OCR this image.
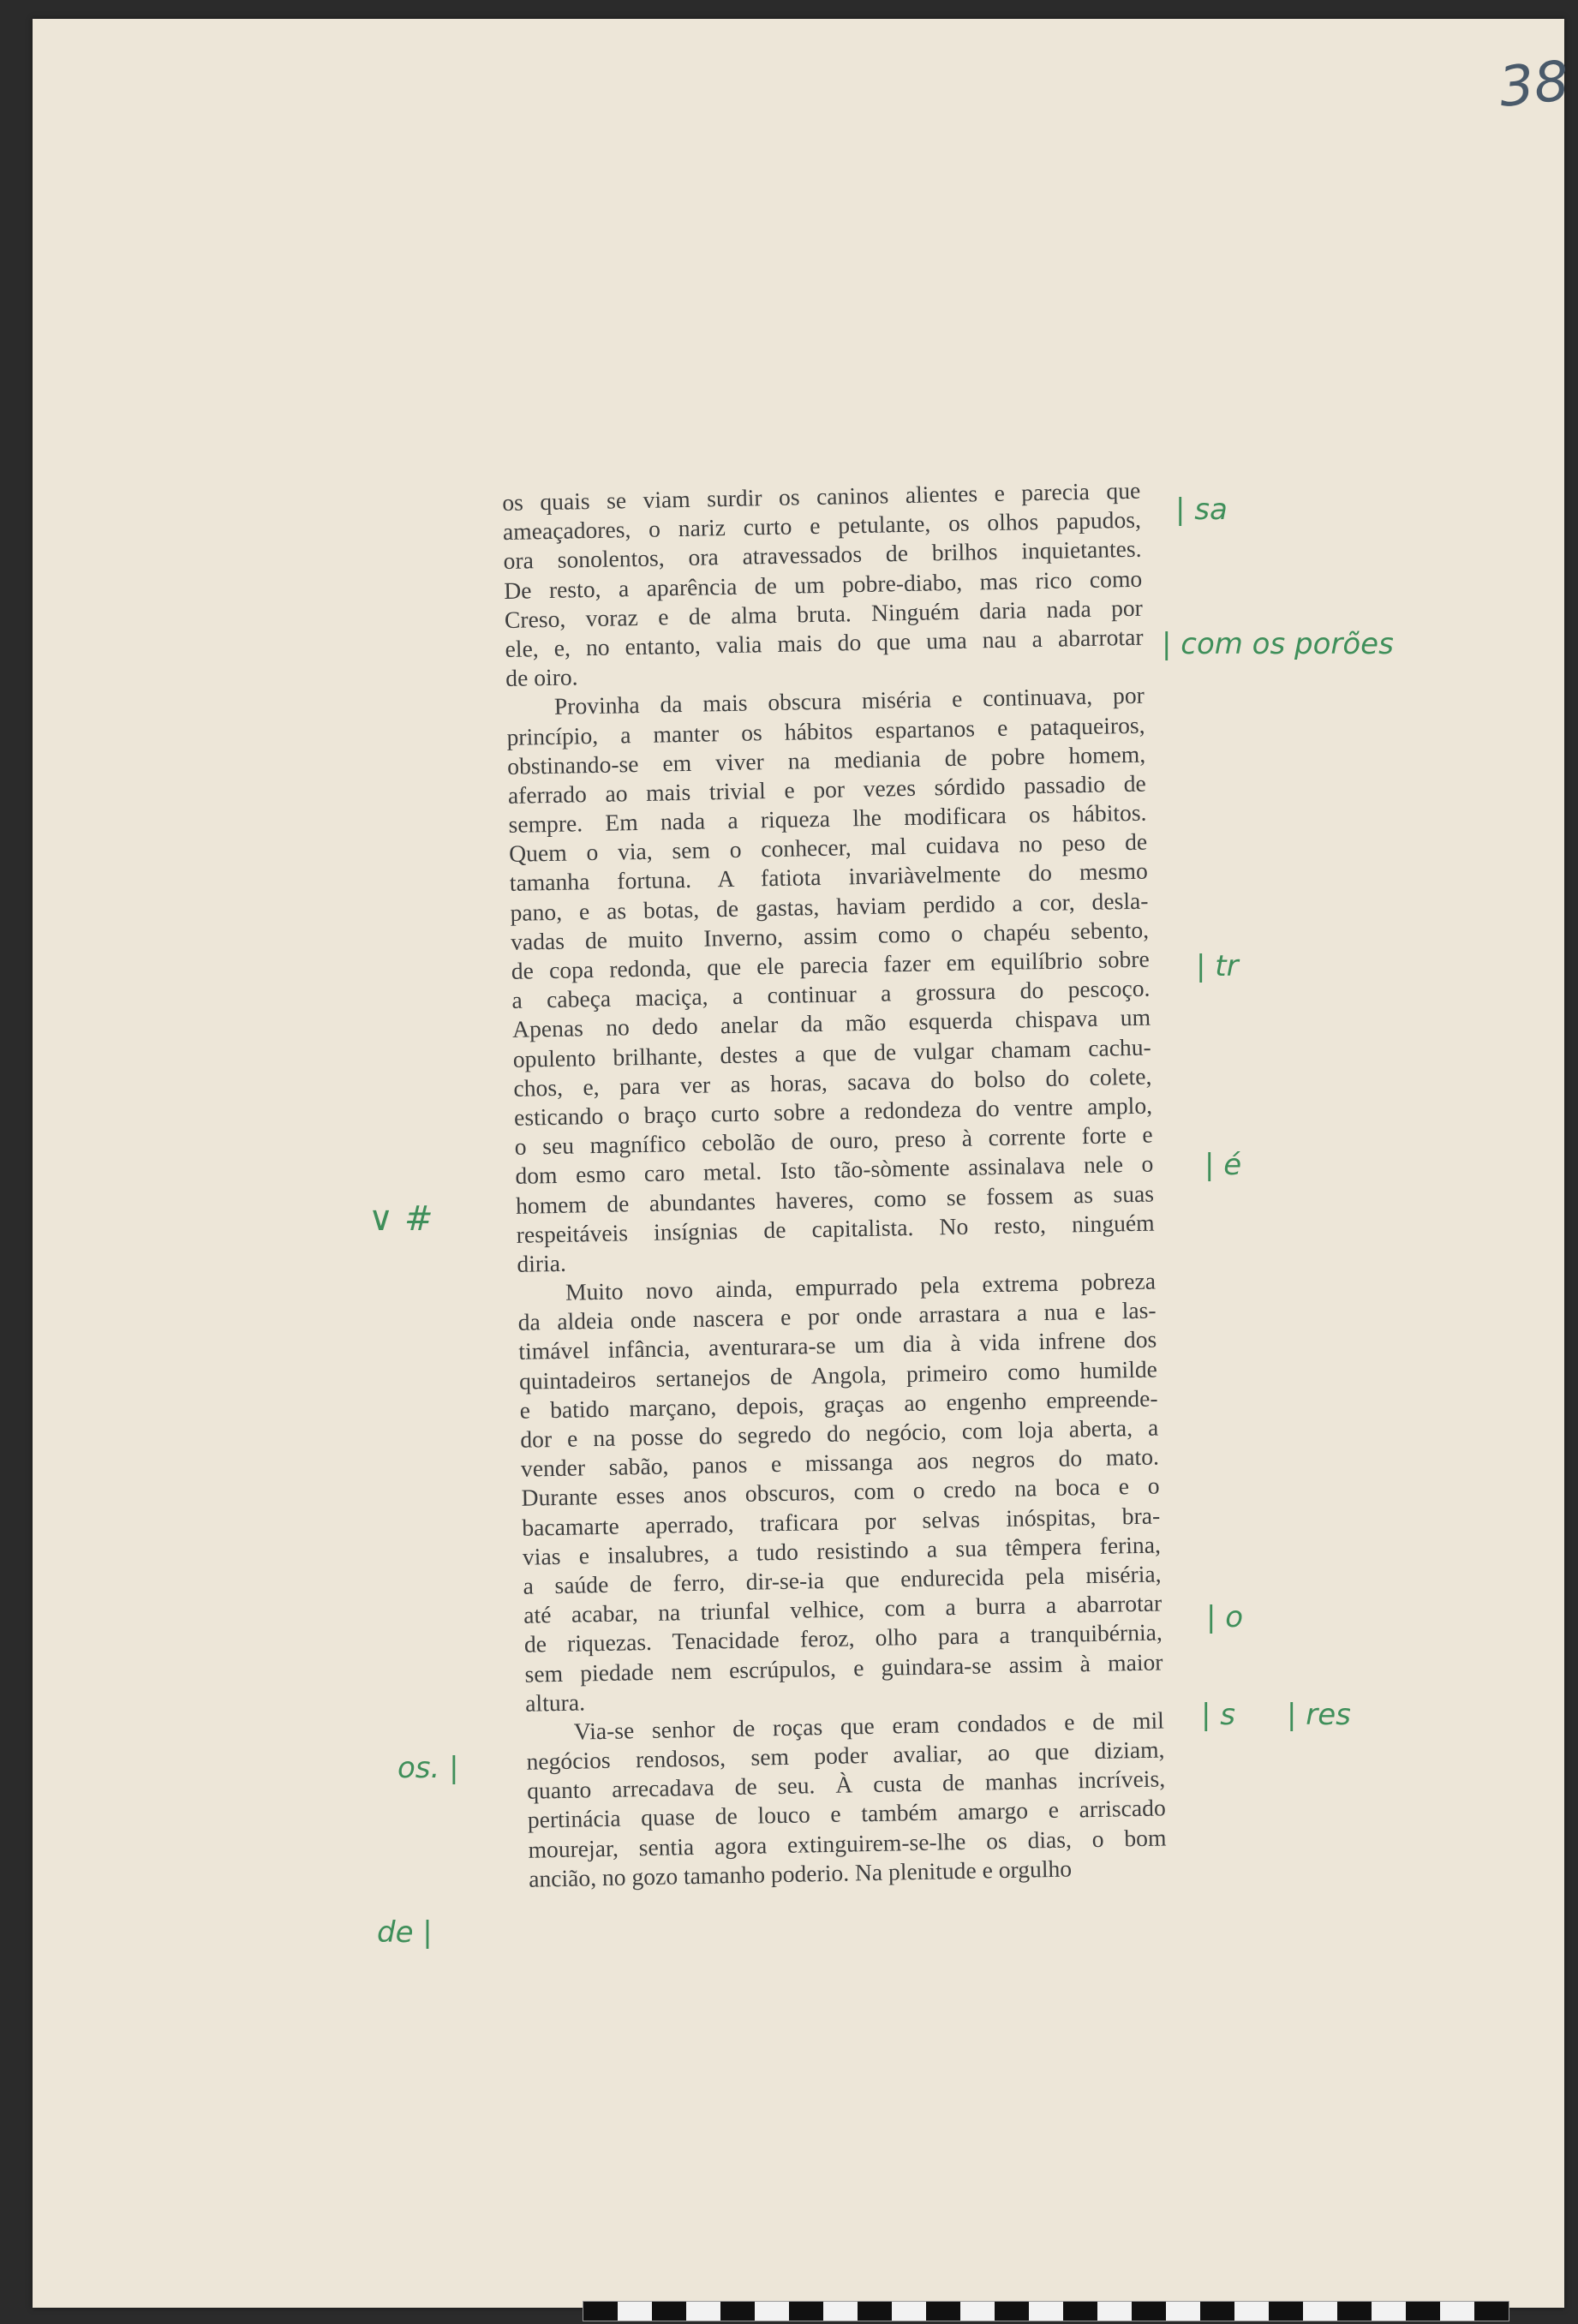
38
os quais se viam surdir os caninos alientes e parecia que
ameaçadores, o nariz curto e petulante, os olhos papudos,
ora sonolentos, ora atravessados de brilhos inquietantes.
De resto, a aparência de um pobre-diabo, mas rico como
Creso, voraz e de alma bruta. Ninguém daria nada por
ele, e, no entanto, valia mais do que uma nau a abarrotar
de oiro.
Provinha da mais obscura miséria e continuava, por
princípio, a manter os hábitos espartanos e pataqueiros,
obstinando-se em viver na mediania de pobre homem,
aferrado ao mais trivial e por vezes sórdido passadio de
sempre. Em nada a riqueza lhe modificara os hábitos.
Quem o via, sem o conhecer, mal cuidava no peso de
tamanha fortuna. A fatiota invariàvelmente do mesmo
pano, e as botas, de gastas, haviam perdido a cor, desla-
vadas de muito Inverno, assim como o chapéu sebento,
de copa redonda, que ele parecia fazer em equilíbrio sobre
a cabeça maciça, a continuar a grossura do pescoço.
Apenas no dedo anelar da mão esquerda chispava um
opulento brilhante, destes a que de vulgar chamam cachu-
chos, e, para ver as horas, sacava do bolso do colete,
esticando o braço curto sobre a redondeza do ventre amplo,
o seu magnífico cebolão de ouro, preso à corrente forte e
dom esmo caro metal. Isto tão-sòmente assinalava nele o
homem de abundantes haveres, como se fossem as suas
respeitáveis insígnias de capitalista. No resto, ninguém
diria.
Muito novo ainda, empurrado pela extrema pobreza
da aldeia onde nascera e por onde arrastara a nua e las-
timável infância, aventurara-se um dia à vida infrene dos
quintadeiros sertanejos de Angola, primeiro como humilde
e batido marçano, depois, graças ao engenho empreende-
dor e na posse do segredo do negócio, com loja aberta, a
vender sabão, panos e missanga aos negros do mato.
Durante esses anos obscuros, com o credo na boca e o
bacamarte aperrado, traficara por selvas inóspitas, bra-
vias e insalubres, a tudo resistindo a sua têmpera ferina,
a saúde de ferro, dir-se-ia que endurecida pela miséria,
até acabar, na triunfal velhice, com a burra a abarrotar
de riquezas. Tenacidade feroz, olho para a tranquibérnia,
sem piedade nem escrúpulos, e guindara-se assim à maior
altura.
Via-se senhor de roças que eram condados e de mil
negócios rendosos, sem poder avaliar, ao que diziam,
quanto arrecadava de seu. À custa de manhas incríveis,
pertinácia quase de louco e também amargo e arriscado
mourejar, sentia agora extinguirem-se-lhe os dias, o bom
ancião, no gozo tamanho poderio. Na plenitude e orgulho
| sa
| com os porões
| tr
| é
| o
| s | res
∨ #
os. |
de |
